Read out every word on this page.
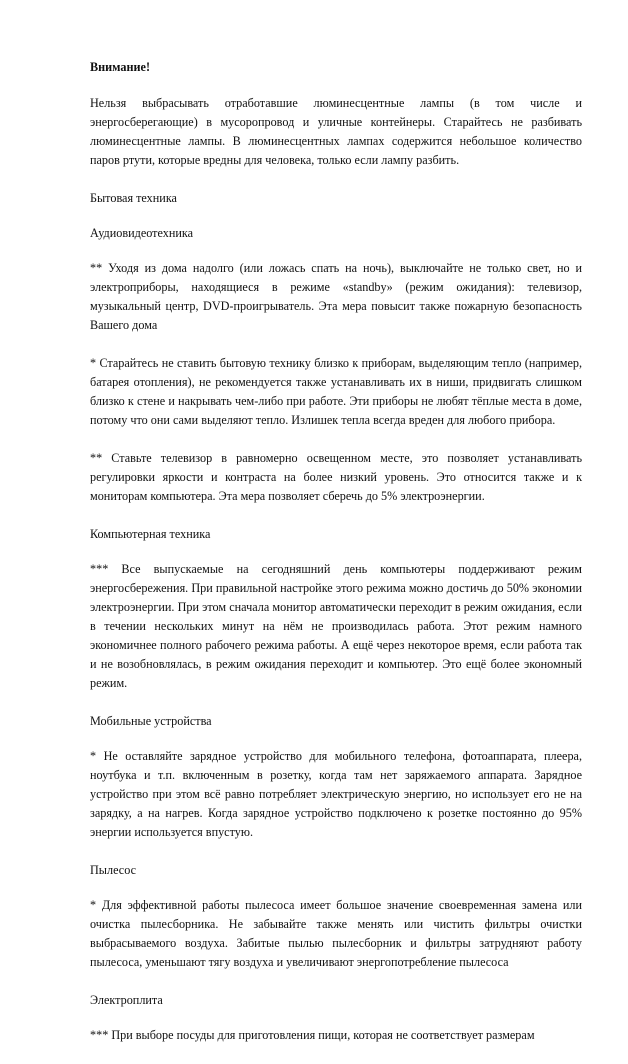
Внимание!

Нельзя выбрасывать отработавшие люминесцентные лампы (в том числе и энергосберегающие) в мусоропровод и уличные контейнеры. Старайтесь не разбивать люминесцентные лампы. В люминесцентных лампах содержится небольшое количество паров ртути, которые вредны для человека, только если лампу разбить.

Бытовая техника

Аудиовидеотехника

** Уходя из дома надолго (или ложась спать на ночь), выключайте не только свет, но и электроприборы, находящиеся в режиме «standby» (режим ожидания): телевизор, музыкальный центр, DVD-проигрыватель. Эта мера повысит также пожарную безопасность Вашего дома

* Старайтесь не ставить бытовую технику близко к приборам, выделяющим тепло (например, батарея отопления), не рекомендуется также устанавливать их в ниши, придвигать слишком близко к стене и накрывать чем-либо при работе. Эти приборы не любят тёплые места в доме, потому что они сами выделяют тепло. Излишек тепла всегда вреден для любого прибора.

** Ставьте телевизор в равномерно освещенном месте, это позволяет устанавливать регулировки яркости и контраста на более низкий уровень. Это относится также и к мониторам компьютера. Эта мера позволяет сберечь до 5% электроэнергии.

Компьютерная техника

*** Все выпускаемые на сегодняшний день компьютеры поддерживают режим энергосбережения. При правильной настройке этого режима можно достичь до 50% экономии электроэнергии. При этом сначала монитор автоматически переходит в режим ожидания, если в течении нескольких минут на нём не производилась работа. Этот режим намного экономичнее полного рабочего режима работы. А ещё через некоторое время, если работа так и не возобновлялась, в режим ожидания переходит и компьютер. Это ещё более экономный режим.

Мобильные устройства

* Не оставляйте зарядное устройство для мобильного телефона, фотоаппарата, плеера, ноутбука и т.п. включенным в розетку, когда там нет заряжаемого аппарата. Зарядное устройство при этом всё равно потребляет электрическую энергию, но использует его не на зарядку, а на нагрев. Когда зарядное устройство подключено к розетке постоянно до 95% энергии используется впустую.

Пылесос

* Для эффективной работы пылесоса имеет большое значение своевременная замена или очистка пылесборника. Не забывайте также менять или чистить фильтры очистки выбрасываемого воздуха. Забитые пылью пылесборник и фильтры затрудняют работу пылесоса, уменьшают тягу воздуха и увеличивают энергопотребление пылесоса

Электроплита

*** При выборе посуды для приготовления пищи, которая не соответствует размерам
